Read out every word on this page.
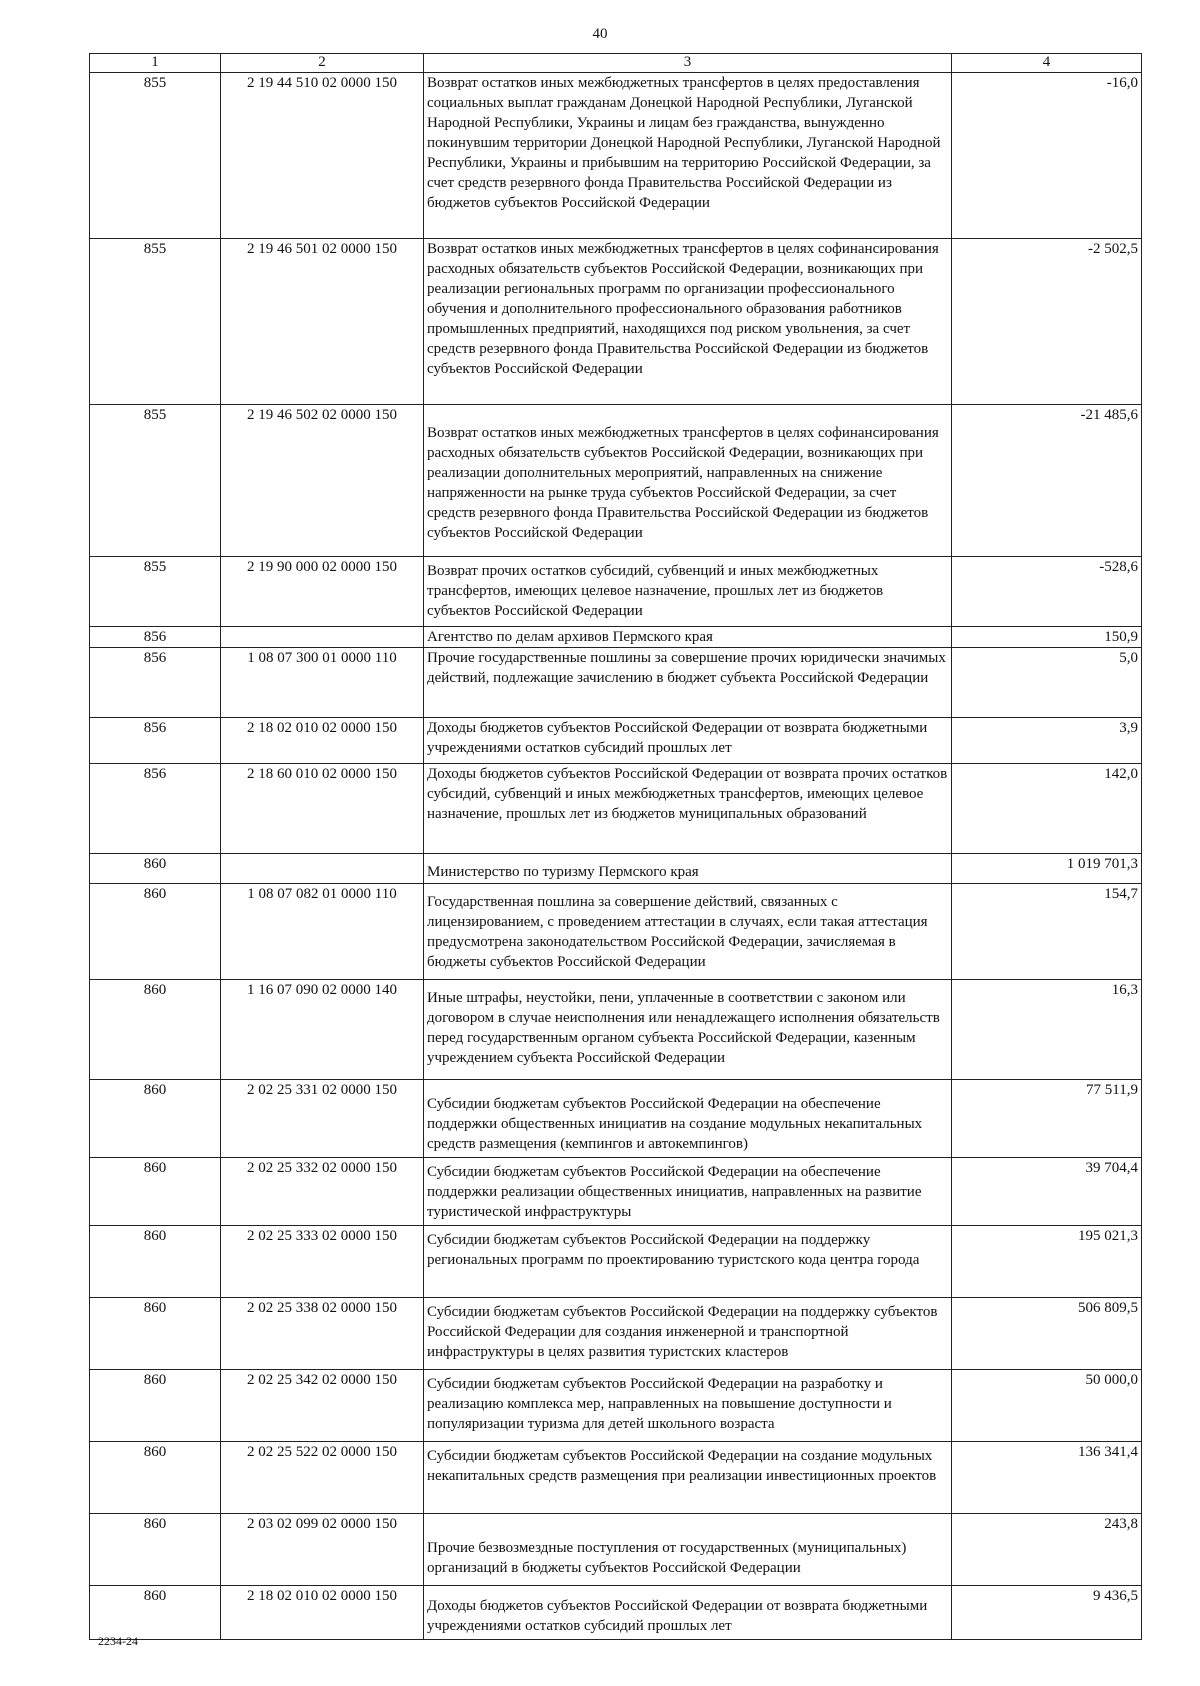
40
1	2	3	4
855	2 19 44 510 02 0000 150	Возврат остатков иных межбюджетных трансфертов в целях предоставления социальных выплат гражданам Донецкой Народной Республики, Луганской Народной Республики, Украины и лицам без гражданства, вынужденно покинувшим территории Донецкой Народной Республики, Луганской Народной Республики, Украины и прибывшим на территорию Российской Федерации, за счет средств резервного фонда Правительства Российской Федерации из бюджетов субъектов Российской Федерации	-16,0
855	2 19 46 501 02 0000 150	Возврат остатков иных межбюджетных трансфертов в целях софинансирования расходных обязательств субъектов Российской Федерации, возникающих при реализации региональных программ по организации профессионального обучения и дополнительного профессионального образования работников промышленных предприятий, находящихся под риском увольнения, за счет средств резервного фонда Правительства Российской Федерации из бюджетов субъектов Российской Федерации	-2 502,5
855	2 19 46 502 02 0000 150	Возврат остатков иных межбюджетных трансфертов в целях софинансирования расходных обязательств субъектов Российской Федерации, возникающих при реализации дополнительных мероприятий, направленных на снижение напряженности на рынке труда субъектов Российской Федерации, за счет средств резервного фонда Правительства Российской Федерации из бюджетов субъектов Российской Федерации	-21 485,6
855	2 19 90 000 02 0000 150	Возврат прочих остатков субсидий, субвенций и иных межбюджетных трансфертов, имеющих целевое назначение, прошлых лет из бюджетов субъектов Российской Федерации	-528,6
856		Агентство по делам архивов Пермского края	150,9
856	1 08 07 300 01 0000 110	Прочие государственные пошлины за совершение прочих юридически значимых действий, подлежащие зачислению в бюджет субъекта Российской Федерации	5,0
856	2 18 02 010 02 0000 150	Доходы бюджетов субъектов Российской Федерации от возврата бюджетными учреждениями остатков субсидий прошлых лет	3,9
856	2 18 60 010 02 0000 150	Доходы бюджетов субъектов Российской Федерации от возврата прочих остатков субсидий, субвенций и иных межбюджетных трансфертов, имеющих целевое назначение, прошлых лет из бюджетов муниципальных образований	142,0
860		Министерство по туризму Пермского края	1 019 701,3
860	1 08 07 082 01 0000 110	Государственная пошлина за совершение действий, связанных с лицензированием, с проведением аттестации в случаях, если такая аттестация предусмотрена законодательством Российской Федерации, зачисляемая в бюджеты субъектов Российской Федерации	154,7
860	1 16 07 090 02 0000 140	Иные штрафы, неустойки, пени, уплаченные в соответствии с законом или договором в случае неисполнения или ненадлежащего исполнения обязательств перед государственным органом субъекта Российской Федерации, казенным учреждением субъекта Российской Федерации	16,3
860	2 02 25 331 02 0000 150	Субсидии бюджетам субъектов Российской Федерации на обеспечение поддержки общественных инициатив на создание модульных некапитальных средств размещения (кемпингов и автокемпингов)	77 511,9
860	2 02 25 332 02 0000 150	Субсидии бюджетам субъектов Российской Федерации на обеспечение поддержки реализации общественных инициатив, направленных на развитие туристической инфраструктуры	39 704,4
860	2 02 25 333 02 0000 150	Субсидии бюджетам субъектов Российской Федерации на поддержку региональных программ по проектированию туристского кода центра города	195 021,3
860	2 02 25 338 02 0000 150	Субсидии бюджетам субъектов Российской Федерации на поддержку субъектов Российской Федерации для создания инженерной и транспортной инфраструктуры в целях развития туристских кластеров	506 809,5
860	2 02 25 342 02 0000 150	Субсидии бюджетам субъектов Российской Федерации на разработку и реализацию комплекса мер, направленных на повышение доступности и популяризации туризма для детей школьного возраста	50 000,0
860	2 02 25 522 02 0000 150	Субсидии бюджетам субъектов Российской Федерации на создание модульных некапитальных средств размещения при реализации инвестиционных проектов	136 341,4
860	2 03 02 099 02 0000 150	Прочие безвозмездные поступления от государственных (муниципальных) организаций в бюджеты субъектов Российской Федерации	243,8
860	2 18 02 010 02 0000 150	Доходы бюджетов субъектов Российской Федерации от возврата бюджетными учреждениями остатков субсидий прошлых лет	9 436,5
2234-24
